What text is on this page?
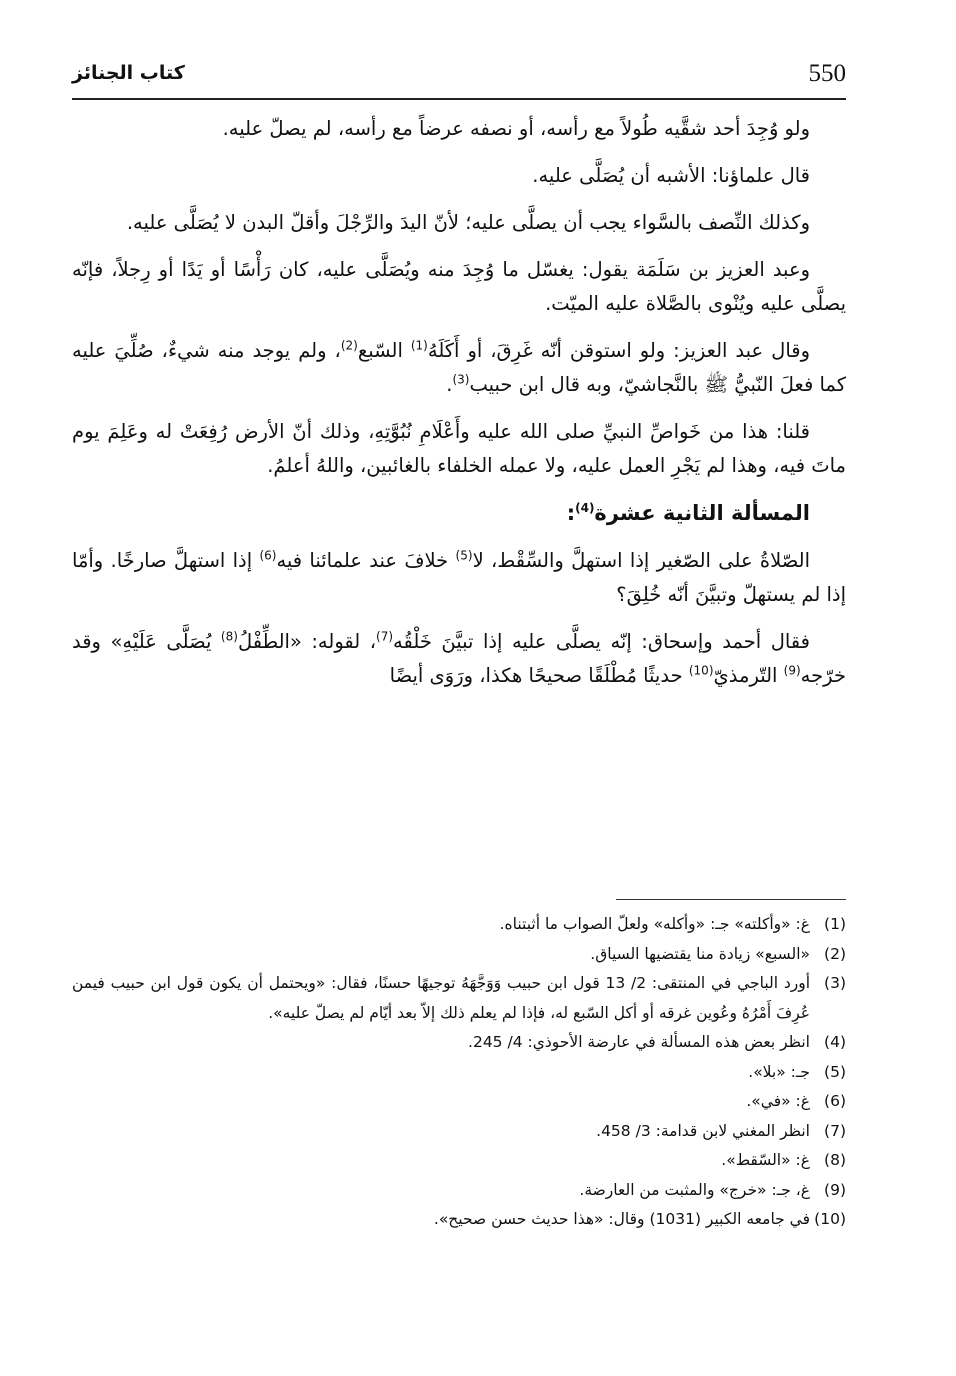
550
كتاب الجنائز

ولو وُجِدَ أحد شقَّيه طُولاً مع رأسه، أو نصفه عرضاً مع رأسه، لم يصلّ عليه.

قال علماؤنا: الأشبه أن يُصَلَّى عليه.

وكذلك النِّصف بالسَّواء يجب أن يصلَّى عليه؛ لأنّ اليدَ والرِّجْلَ وأقلّ البدن لا يُصَلَّى عليه.

وعبد العزيز بن سَلَمَة يقول: يغسّل ما وُجِدَ منه ويُصَلَّى عليه، كان رَأْسًا أو يَدًا أو رِجلاً، فإنّه يصلَّى عليه ويُنْوى بالصَّلاة عليه الميّت.

وقال عبد العزيز: ولو استوقن أنّه غَرِقَ، أو أَكَلَهُ$^{(1)}$ السّبع$^{(2)}$، ولم يوجد منه شيءٌ، صُلِّيَ عليه كما فعلَ النّبيُّ ﷺ بالنَّجاشيّ، وبه قال ابن حبيب$^{(3)}$.

قلنا: هذا من خَواصِّ النبيِّ صلى الله عليه وأَعْلَامِ نُبُوَّتِهِ، وذلك أنّ الأرض رُفِعَتْ له وعَلِمَ يوم ماتَ فيه، وهذا لم يَجْرِ العمل عليه، ولا عمله الخلفاء بالغائبين، واللهُ أعلمُ.

المسألة الثانية عشرة$^{(4)}$:

الصّلاةُ على الصّغير إذا استهلَّ والسِّقْط، لا$^{(5)}$ خلافَ عند علمائنا فيه$^{(6)}$ إذا استهلَّ صارخًا. وأمّا إذا لم يستهلّ وتبيَّنَ أنّه خُلِقَ؟

فقال أحمد وإسحاق: إنّه يصلَّى عليه إذا تبيَّنَ خَلْقُه$^{(7)}$، لقوله: «الطِّفْلُ$^{(8)}$ يُصَلَّى عَلَيْهِ» وقد خرّجه$^{(9)}$ التّرمذيّ$^{(10)}$ حديثًا مُطْلَقًا صحيحًا هكذا، ورَوَى أيضًا

(1)
غ: «وأكلته» جـ: «وأكله» ولعلّ الصواب ما أثبتناه.
(2)
«السبع» زيادة منا يقتضيها السياق.
(3)
أورد الباجي في المنتقى: 2/ 13 قول ابن حبيب وَوَجَّهَهُ توجيهًا حسنًا، فقال: «ويحتمل أن يكون قول ابن حبيب فيمن عُرِفَ أَمْرُهُ وعُوين غرقه أو أكل السّبع له، فإذا لم يعلم ذلك إلاّ بعد أيّام لم يصلّ عليه».
(4)
انظر بعض هذه المسألة في عارضة الأحوذي: 4/ 245.
(5)
جـ: «بلا».
(6)
غ: «في».
(7)
انظر المغني لابن قدامة: 3/ 458.
(8)
غ: «السّقط».
(9)
غ، جـ: «خرج» والمثبت من العارضة.
(10)
في جامعه الكبير (1031) وقال: «هذا حديث حسن صحيح».
